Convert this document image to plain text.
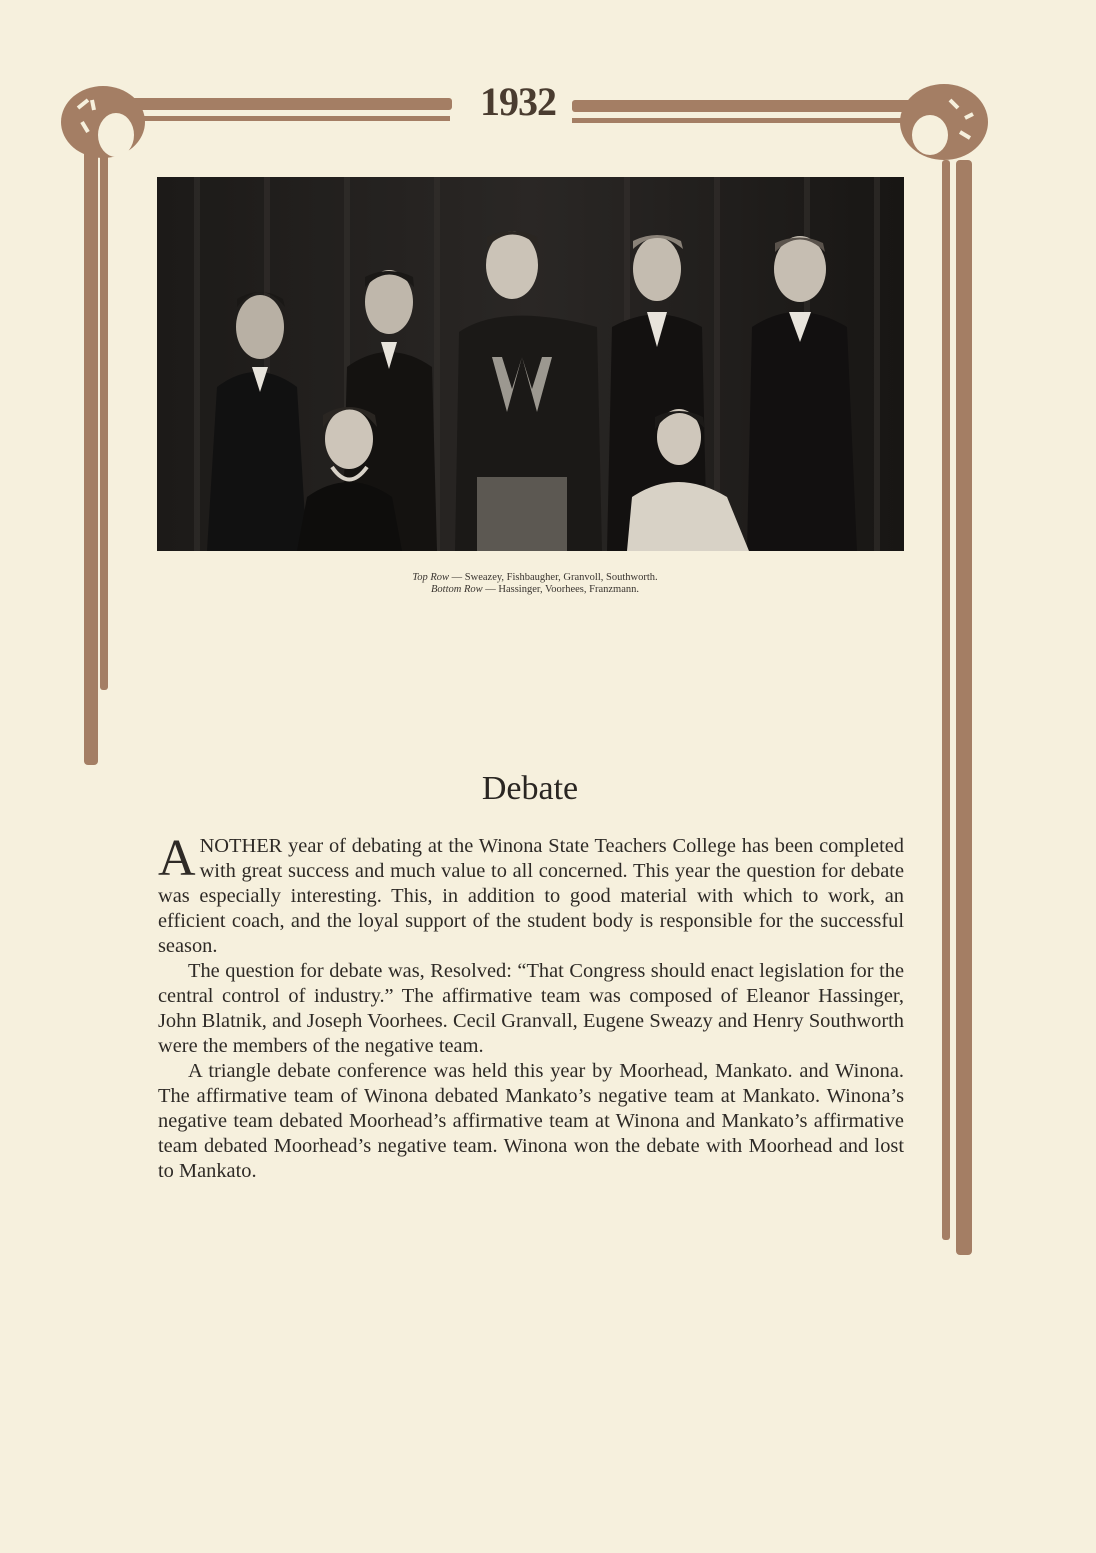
1932
Top Row — Sweazey, Fishbaugher, Granvoll, Southworth.
Bottom Row — Hassinger, Voorhees, Franzmann.
Debate

ANOTHER year of debating at the Winona State Teachers College has been completed with great success and much value to all concerned. This year the question for debate was especially interesting. This, in addition to good material with which to work, an efficient coach, and the loyal support of the student body is responsible for the successful season.

The question for debate was, Resolved: “That Congress should enact legislation for the central control of industry.” The affirmative team was composed of Eleanor Hassinger, John Blatnik, and Joseph Voorhees. Cecil Granvall, Eugene Sweazy and Henry Southworth were the members of the negative team.

A triangle debate conference was held this year by Moorhead, Mankato. and Winona. The affirmative team of Winona debated Mankato’s negative team at Mankato. Winona’s negative team debated Moorhead’s affirmative team at Winona and Mankato’s affirmative team debated Moorhead’s negative team. Winona won the debate with Moorhead and lost to Mankato.
